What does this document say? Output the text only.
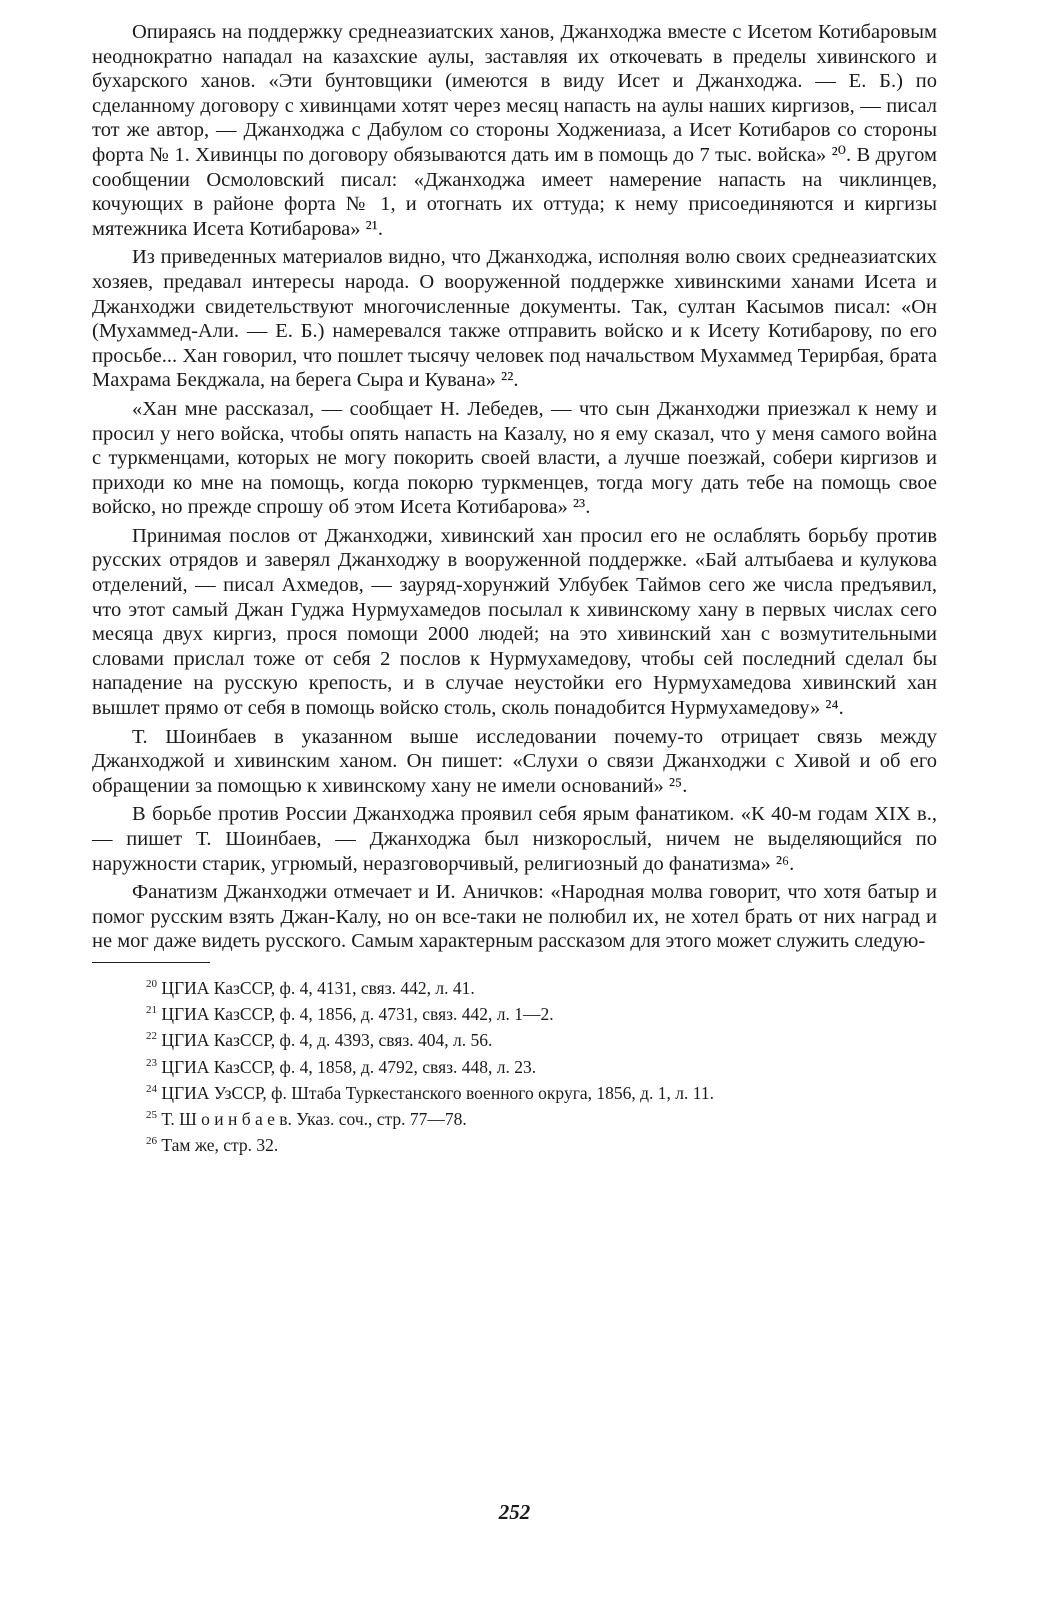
Опираясь на поддержку среднеазиатских ханов, Джанходжа вместе с Исетом Котибаровым неоднократно нападал на казахские аулы, заставляя их откочевать в пределы хивинского и бухарского ханов. «Эти бунтовщики (имеются в виду Исет и Джанходжа. — Е. Б.) по сделанному договору с хивинцами хотят через месяц напасть на аулы наших киргизов, — писал тот же автор, — Джанходжа с Дабулом со стороны Ходжениаза, а Исет Котибаров со стороны форта № 1. Хивинцы по договору обязываются дать им в помощь до 7 тыс. войска» ²⁰. В другом сообщении Осмоловский писал: «Джанходжа имеет намерение напасть на чиклинцев, кочующих в районе форта № 1, и отогнать их оттуда; к нему присоединяются и киргизы мятежника Исета Котибарова» ²¹.

Из приведенных материалов видно, что Джанходжа, исполняя волю своих среднеазиатских хозяев, предавал интересы народа. О вооруженной поддержке хивинскими ханами Исета и Джанходжи свидетельствуют многочисленные документы. Так, султан Касымов писал: «Он (Мухаммед-Али. — Е. Б.) намеревался также отправить войско и к Исету Котибарову, по его просьбе... Хан говорил, что пошлет тысячу человек под начальством Мухаммед Терирбая, брата Махрама Бекджала, на берега Сыра и Кувана» ²².

«Хан мне рассказал, — сообщает Н. Лебедев, — что сын Джанходжи приезжал к нему и просил у него войска, чтобы опять напасть на Казалу, но я ему сказал, что у меня самого война с туркменцами, которых не могу покорить своей власти, а лучше поезжай, собери киргизов и приходи ко мне на помощь, когда покорю туркменцев, тогда могу дать тебе на помощь свое войско, но прежде спрошу об этом Исета Котибарова» ²³.

Принимая послов от Джанходжи, хивинский хан просил его не ослаблять борьбу против русских отрядов и заверял Джанходжу в вооруженной поддержке. «Бай алтыбаева и кулукова отделений, — писал Ахмедов, — зауряд-хорунжий Улбубек Таймов сего же числа предъявил, что этот самый Джан Гуджа Нурмухамедов посылал к хивинскому хану в первых числах сего месяца двух киргиз, прося помощи 2000 людей; на это хивинский хан с возмутительными словами прислал тоже от себя 2 послов к Нурмухамедову, чтобы сей последний сделал бы нападение на русскую крепость, и в случае неустойки его Нурмухамедова хивинский хан вышлет прямо от себя в помощь войско столь, сколь понадобится Нурмухамедову» ²⁴.

Т. Шоинбаев в указанном выше исследовании почему-то отрицает связь между Джанходжой и хивинским ханом. Он пишет: «Слухи о связи Джанходжи с Хивой и об его обращении за помощью к хивинскому хану не имели оснований» ²⁵.

В борьбе против России Джанходжа проявил себя ярым фанатиком. «К 40-м годам XIX в., — пишет Т. Шоинбаев, — Джанходжа был низкорослый, ничем не выделяющийся по наружности старик, угрюмый, неразговорчивый, религиозный до фанатизма» ²⁶.

Фанатизм Джанходжи отмечает и И. Аничков: «Народная молва говорит, что хотя батыр и помог русским взять Джан-Калу, но он все-таки не полюбил их, не хотел брать от них наград и не мог даже видеть русского. Самым характерным рассказом для этого может служить следую-

$^{20}$ ЦГИА КазССР, ф. 4, 4131, связ. 442, л. 41.

$^{21}$ ЦГИА КазССР, ф. 4, 1856, д. 4731, связ. 442, л. 1—2.

$^{22}$ ЦГИА КазССР, ф. 4, д. 4393, связ. 404, л. 56.

$^{23}$ ЦГИА КазССР, ф. 4, 1858, д. 4792, связ. 448, л. 23.

$^{24}$ ЦГИА УзССР, ф. Штаба Туркестанского военного округа, 1856, д. 1, л. 11.

$^{25}$ Т. Ш о и н б а е в. Указ. соч., стр. 77—78.

$^{26}$ Там же, стр. 32.

252
